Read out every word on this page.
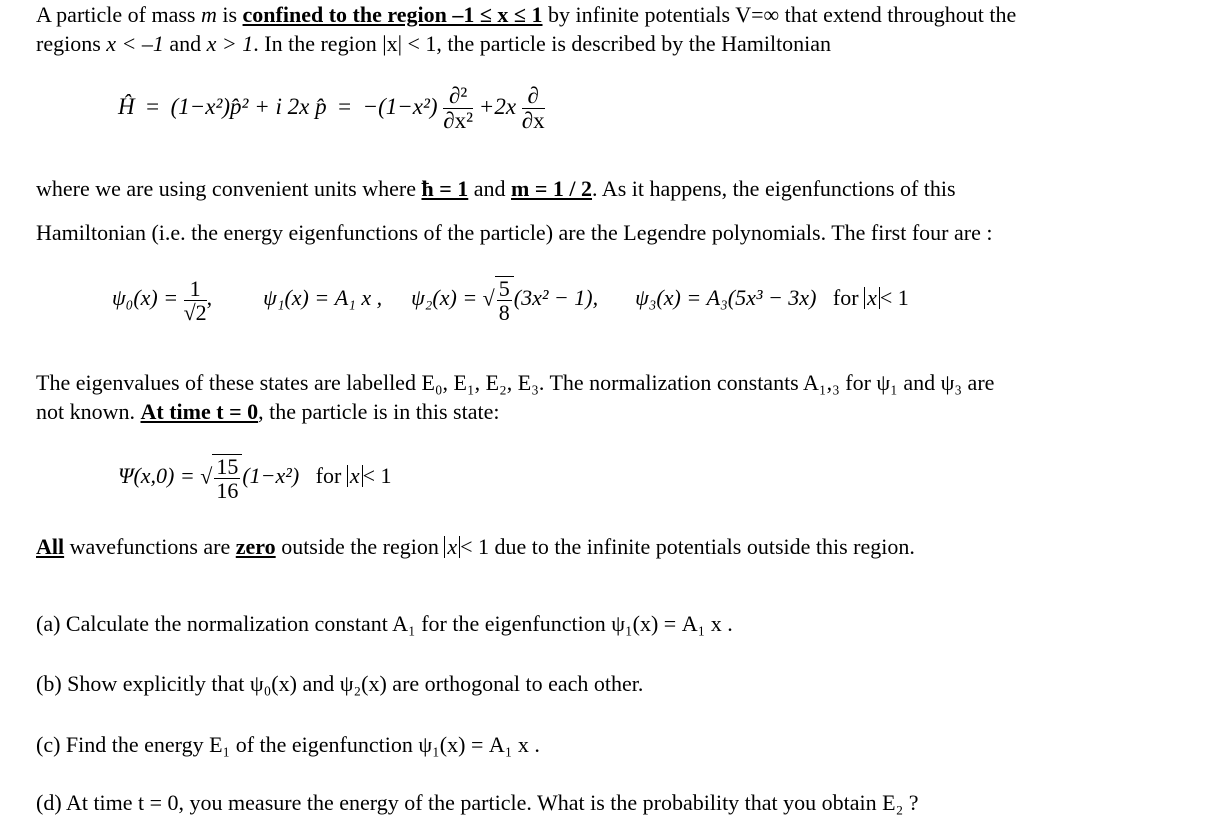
A particle of mass m is confined to the region –1 ≤ x ≤ 1 by infinite potentials V=∞ that extend throughout the
regions x < –1 and x > 1. In the region |x| < 1, the particle is described by the Hamiltonian
Ĥ = (1−x²)p̂² + i 2x p̂ = $-(1-x^2) \frac{\text{∂²}}{\text{∂x²}} +2x \frac{\partial}{\partial x}$
where we are using convenient units where ħ = 1 and m = 1 / 2. As it happens, the eigenfunctions of this
Hamiltonian (i.e. the energy eigenfunctions of the particle) are the Legendre polynomials. The first four are :
$\psi_0(x) = \frac{1}{√2}$ ,  ψ₁(x) = A₁ x , ψ₂(x) = √ $\frac{5}{8} (3x^2 - 1)$, ψ₃(x) = A₃(5x³ − 3x) for x < 1
The eigenvalues of these states are labelled E₀, E₁, E₂, E₃. The normalization constants A₁,₃ for ψ₁ and ψ₃ are
not known. At time t = 0, the particle is in this state:
Ψ(x,0) = √ $\frac{15}{16} (1-x^2)$ for x < 1
All wavefunctions are zero outside the region x < 1 due to the infinite potentials outside this region.
(a) Calculate the normalization constant A₁ for the eigenfunction ψ₁(x) = A₁ x .
(b) Show explicitly that ψ₀(x) and ψ₂(x) are orthogonal to each other.
(c) Find the energy E₁ of the eigenfunction ψ₁(x) = A₁ x .
(d) At time t = 0, you measure the energy of the particle. What is the probability that you obtain E₂ ?
